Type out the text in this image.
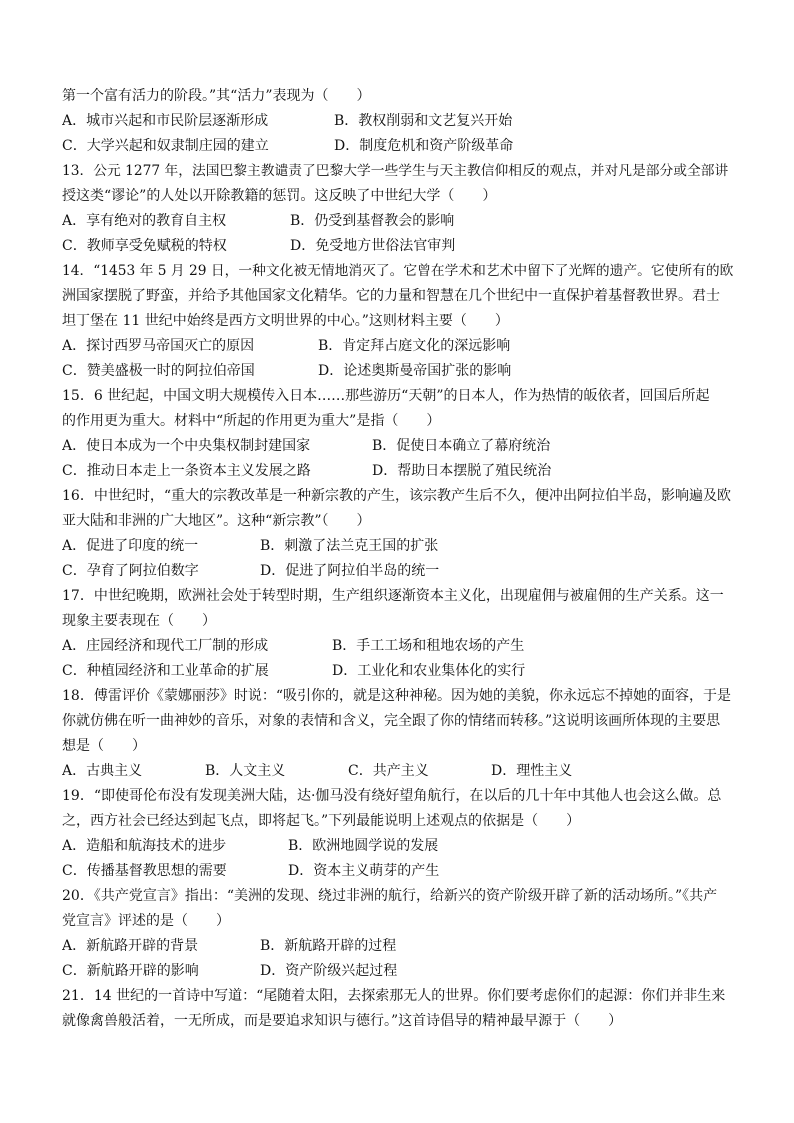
第一个富有活力的阶段。”其“活力”表现为（　　）
A．城市兴起和市民阶层逐渐形成	B．教权削弱和文艺复兴开始
C．大学兴起和奴隶制庄园的建立	D．制度危机和资产阶级革命
13．公元 1277 年，法国巴黎主教谴责了巴黎大学一些学生与天主教信仰相反的观点，并对凡是部分或全部讲
授这类“谬论”的人处以开除教籍的惩罚。这反映了中世纪大学（　　）
A．享有绝对的教育自主权	B．仍受到基督教会的影响
C．教师享受免赋税的特权	D．免受地方世俗法官审判
14．“1453 年 5 月 29 日，一种文化被无情地消灭了。它曾在学术和艺术中留下了光辉的遗产。它使所有的欧
洲国家摆脱了野蛮，并给予其他国家文化精华。它的力量和智慧在几个世纪中一直保护着基督教世界。君士
坦丁堡在 11 世纪中始终是西方文明世界的中心。”这则材料主要（　　）
A．探讨西罗马帝国灭亡的原因	B．肯定拜占庭文化的深远影响
C．赞美盛极一时的阿拉伯帝国	D．论述奥斯曼帝国扩张的影响
15．6 世纪起，中国文明大规模传入日本……那些游历“天朝”的日本人，作为热情的皈依者，回国后所起
的作用更为重大。材料中“所起的作用更为重大”是指（　　）
A．使日本成为一个中央集权制封建国家	B．促使日本确立了幕府统治
C．推动日本走上一条资本主义发展之路	D．帮助日本摆脱了殖民统治
16．中世纪时，“重大的宗教改革是一种新宗教的产生，该宗教产生后不久，便冲出阿拉伯半岛，影响遍及欧
亚大陆和非洲的广大地区”。这种“新宗教”（　　）
A．促进了印度的统一	B．刺激了法兰克王国的扩张
C．孕育了阿拉伯数字	D．促进了阿拉伯半岛的统一
17．中世纪晚期，欧洲社会处于转型时期，生产组织逐渐资本主义化，出现雇佣与被雇佣的生产关系。这一
现象主要表现在（　　）
A．庄园经济和现代工厂制的形成	B．手工工场和租地农场的产生
C．种植园经济和工业革命的扩展	D．工业化和农业集体化的实行
18．傅雷评价《蒙娜丽莎》时说：“吸引你的，就是这种神秘。因为她的美貌，你永远忘不掉她的面容，于是
你就仿佛在听一曲神妙的音乐，对象的表情和含义，完全跟了你的情绪而转移。”这说明该画所体现的主要思
想是（　　）
A．古典主义	B．人文主义	C．共产主义	D．理性主义
19．“即使哥伦布没有发现美洲大陆，达·伽马没有绕好望角航行，在以后的几十年中其他人也会这么做。总
之，西方社会已经达到起飞点，即将起飞。”下列最能说明上述观点的依据是（　　）
A．造船和航海技术的进步	B．欧洲地圆学说的发展
C．传播基督教思想的需要	D．资本主义萌芽的产生
20．《共产党宣言》指出：“美洲的发现、绕过非洲的航行，给新兴的资产阶级开辟了新的活动场所。”《共产
党宣言》评述的是（　　）
A．新航路开辟的背景	B．新航路开辟的过程
C．新航路开辟的影响	D．资产阶级兴起过程
21．14 世纪的一首诗中写道：“尾随着太阳，去探索那无人的世界。你们要考虑你们的起源：你们并非生来
就像禽兽般活着，一无所成，而是要追求知识与德行。”这首诗倡导的精神最早源于（　　）
